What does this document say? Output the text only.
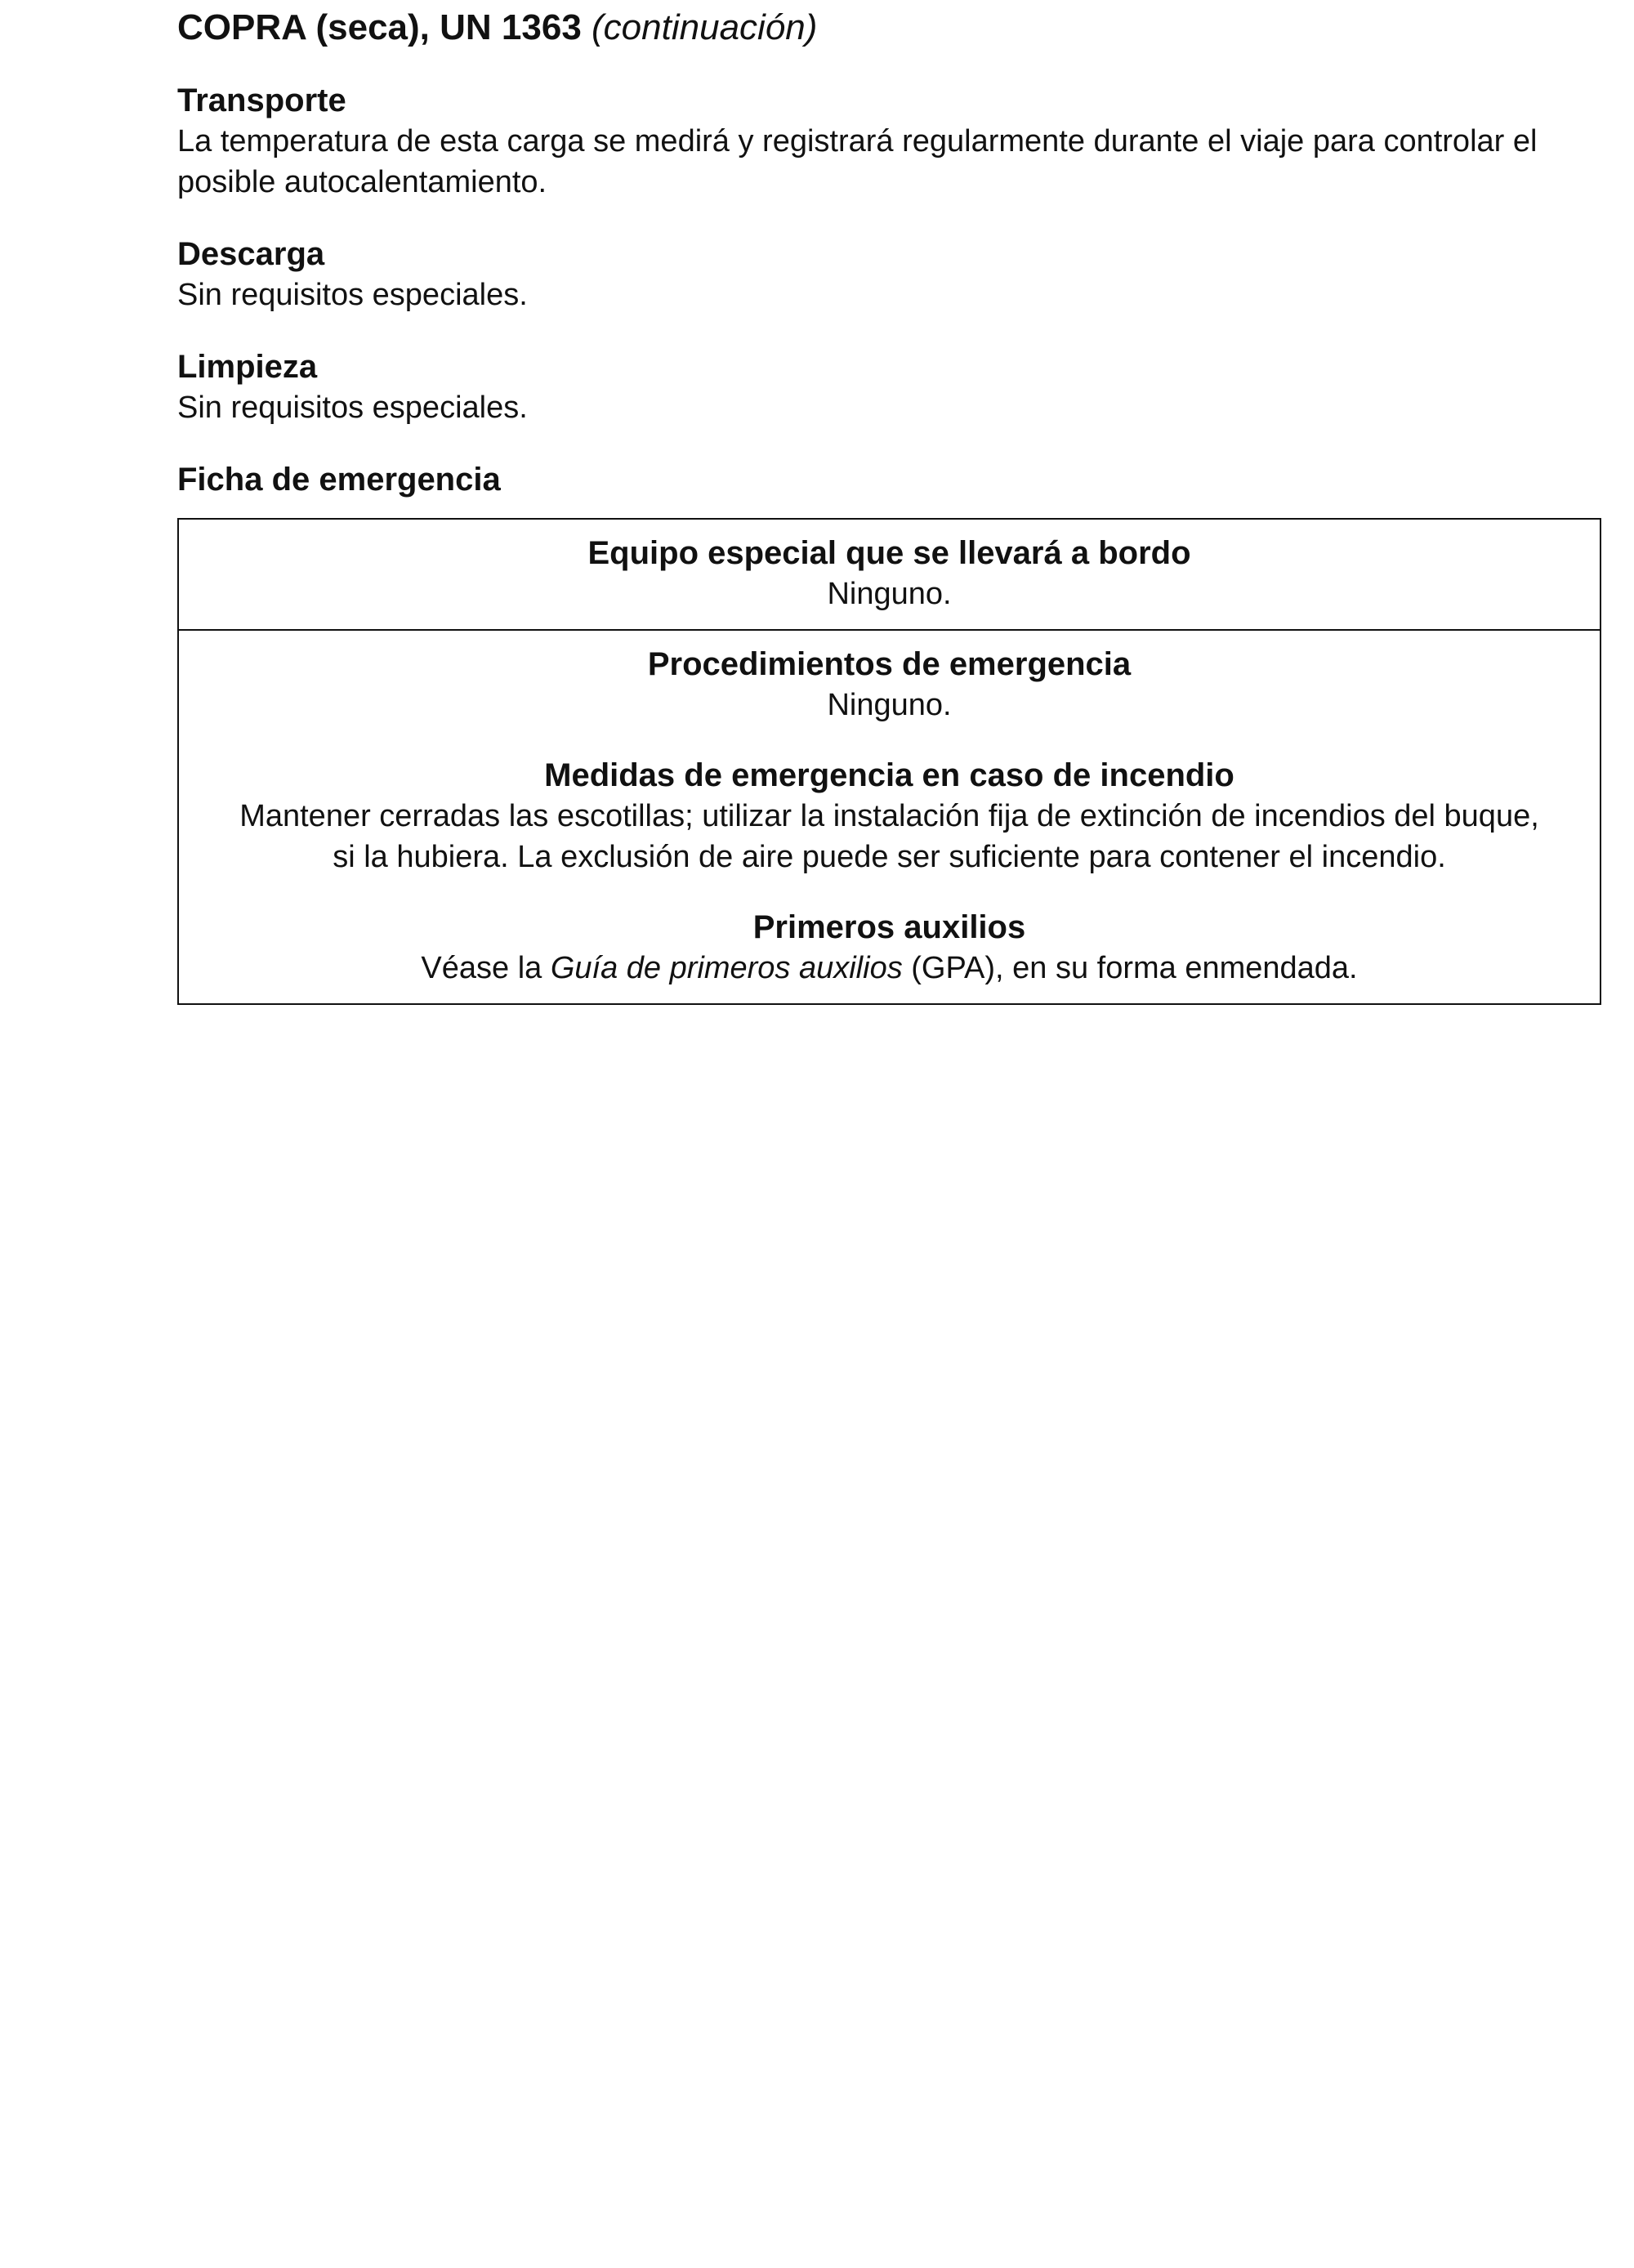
COPRA (seca), UN 1363 (continuación)

Transporte

La temperatura de esta carga se medirá y registrará regularmente durante el viaje para controlar el posible autocalentamiento.

Descarga

Sin requisitos especiales.

Limpieza

Sin requisitos especiales.

Ficha de emergencia

Equipo especial que se llevará a bordo

Ninguno.

Procedimientos de emergencia

Ninguno.

Medidas de emergencia en caso de incendio

Mantener cerradas las escotillas; utilizar la instalación fija de extinción de incendios del buque,

si la hubiera. La exclusión de aire puede ser suficiente para contener el incendio.

Primeros auxilios

Véase la Guía de primeros auxilios (GPA), en su forma enmendada.
